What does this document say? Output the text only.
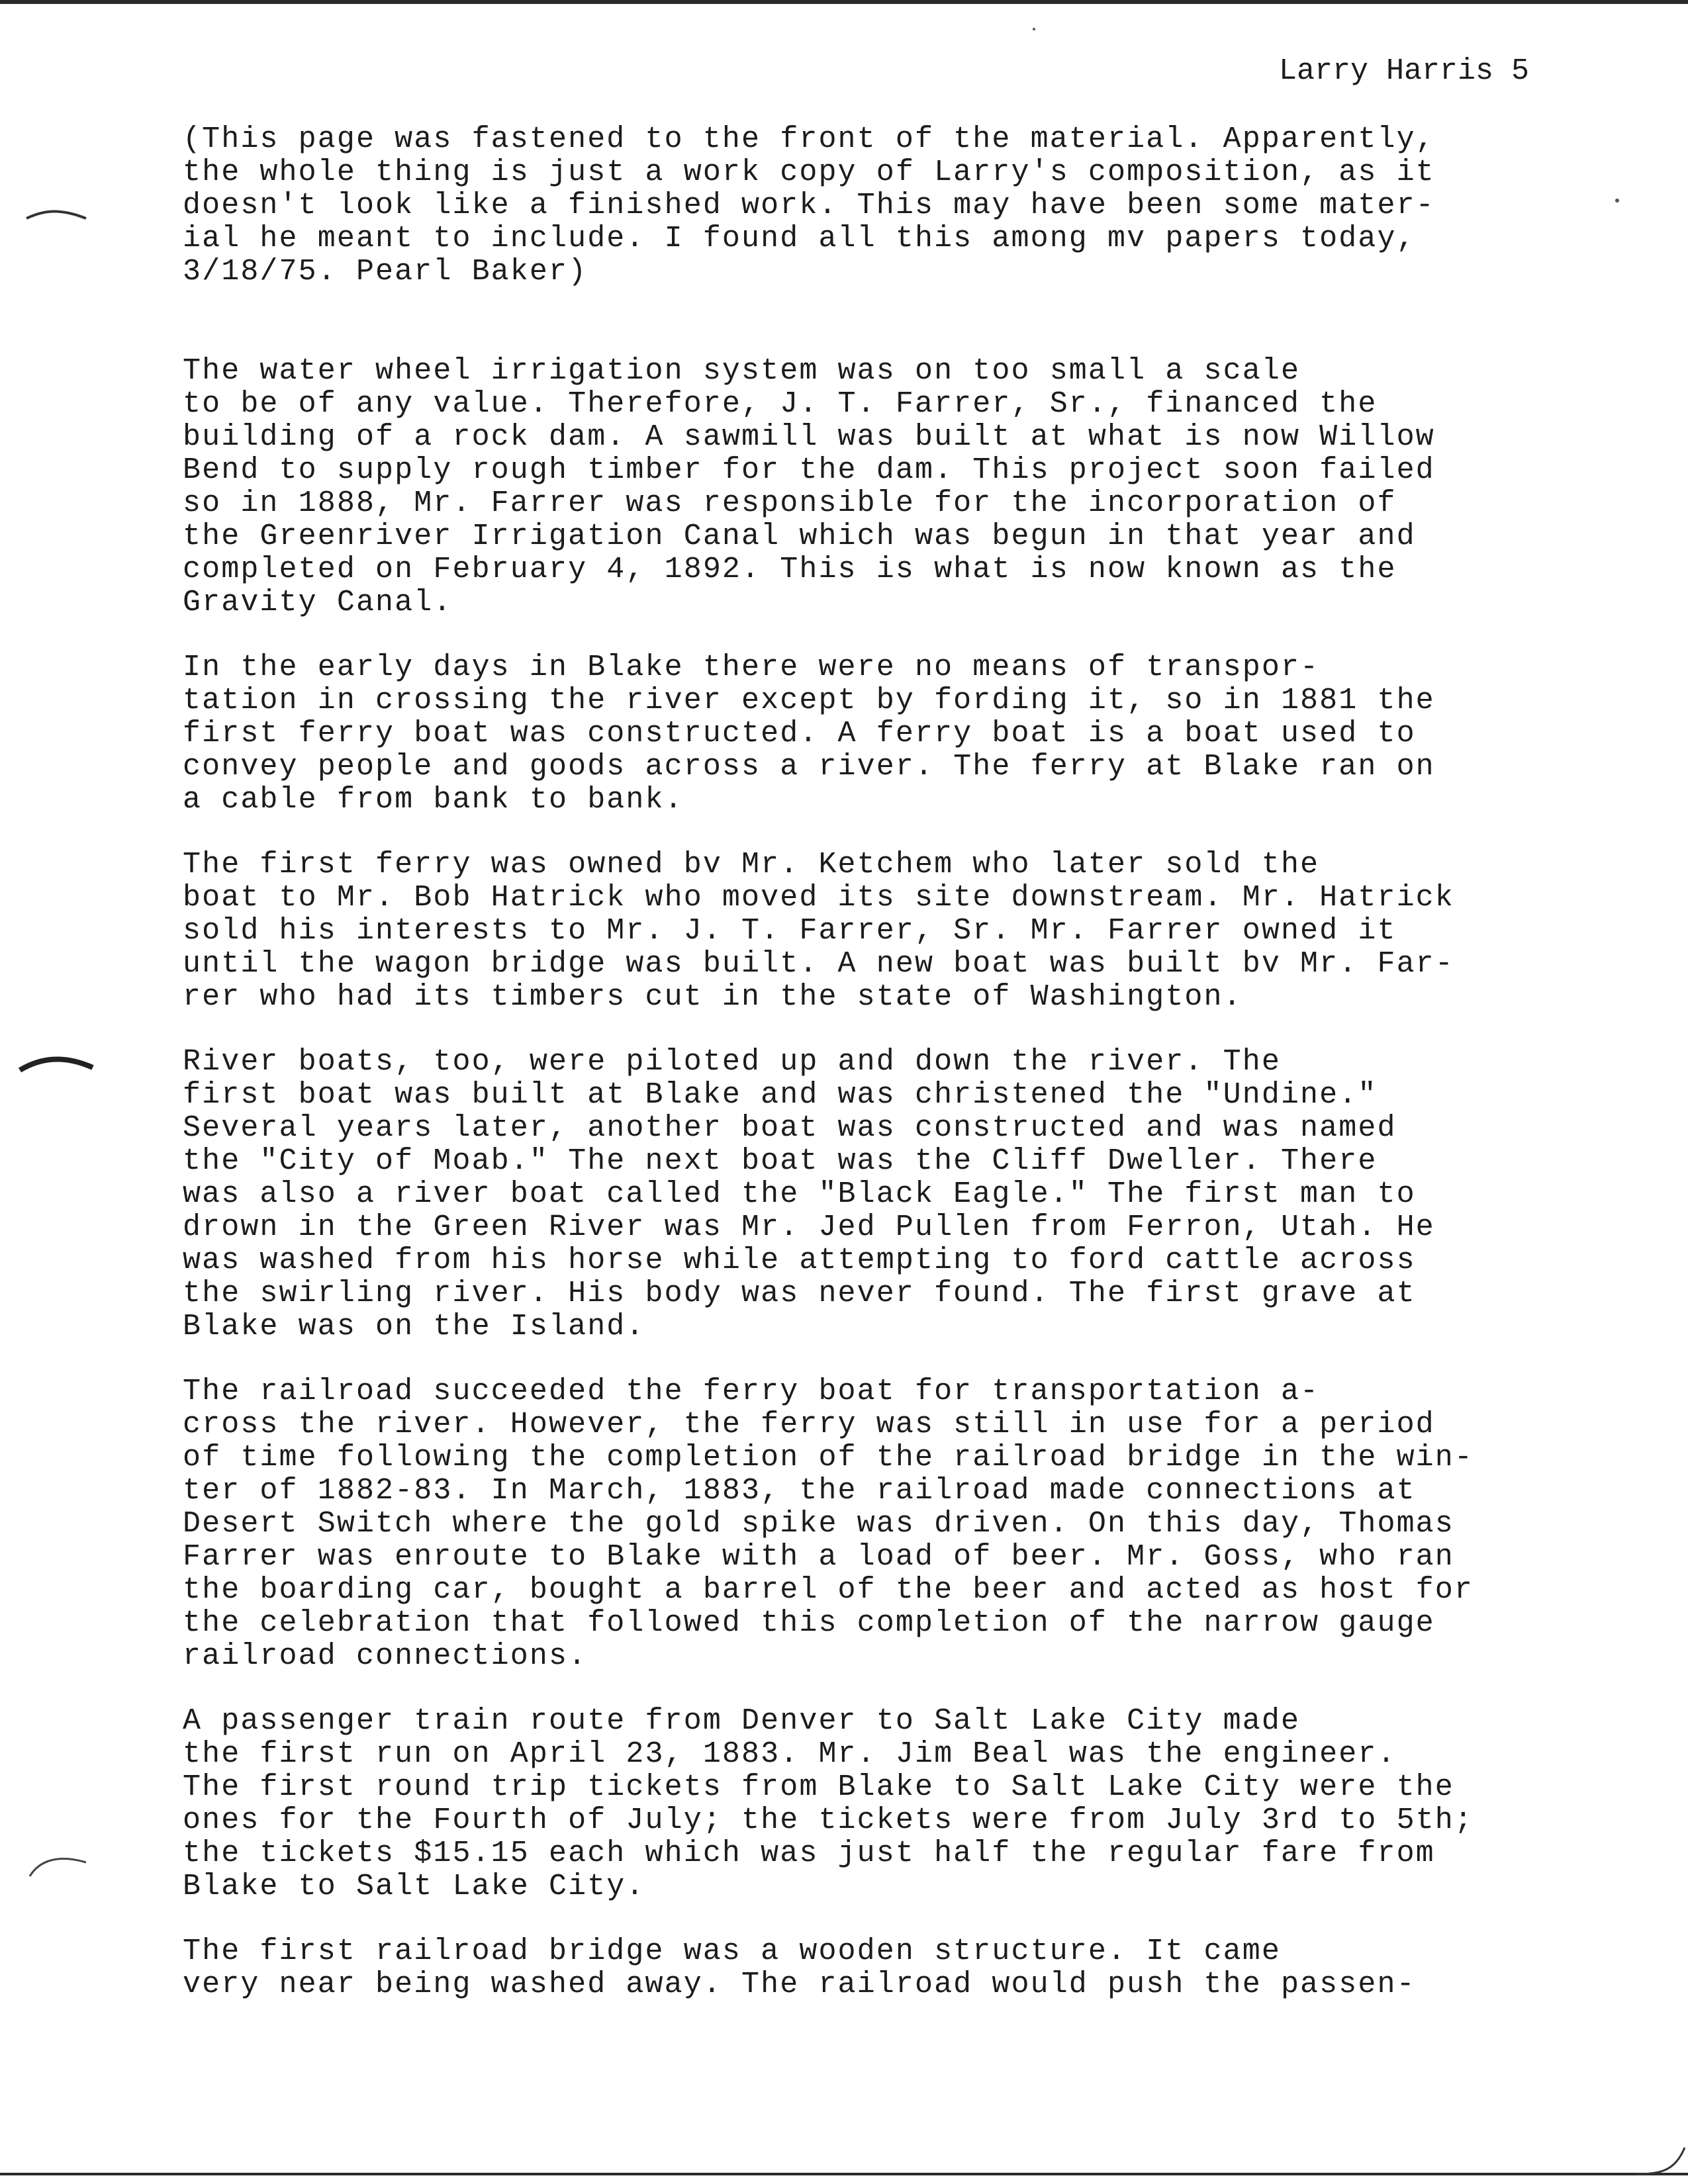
Larry Harris 5

(This page was fastened to the front of the material. Apparently,
the whole thing is just a work copy of Larry's composition, as it
doesn't look like a finished work. This may have been some mater-
ial he meant to include. I found all this among mv papers today,
3/18/75. Pearl Baker)

The water wheel irrigation system was on too small a scale
to be of any value. Therefore, J. T. Farrer, Sr., financed the
building of a rock dam. A sawmill was built at what is now Willow
Bend to supply rough timber for the dam. This project soon failed
so in 1888, Mr. Farrer was responsible for the incorporation of
the Greenriver Irrigation Canal which was begun in that year and
completed on February 4, 1892. This is what is now known as the
Gravity Canal.

In the early days in Blake there were no means of transpor-
tation in crossing the river except by fording it, so in 1881 the
first ferry boat was constructed. A ferry boat is a boat used to
convey people and goods across a river. The ferry at Blake ran on
a cable from bank to bank.

The first ferry was owned bv Mr. Ketchem who later sold the
boat to Mr. Bob Hatrick who moved its site downstream. Mr. Hatrick
sold his interests to Mr. J. T. Farrer, Sr. Mr. Farrer owned it
until the wagon bridge was built. A new boat was built bv Mr. Far-
rer who had its timbers cut in the state of Washington.

River boats, too, were piloted up and down the river. The
first boat was built at Blake and was christened the "Undine."
Several years later, another boat was constructed and was named
the "City of Moab." The next boat was the Cliff Dweller. There
was also a river boat called the "Black Eagle." The first man to
drown in the Green River was Mr. Jed Pullen from Ferron, Utah. He
was washed from his horse while attempting to ford cattle across
the swirling river. His body was never found. The first grave at
Blake was on the Island.

The railroad succeeded the ferry boat for transportation a-
cross the river. However, the ferry was still in use for a period
of time following the completion of the railroad bridge in the win-
ter of 1882-83. In March, 1883, the railroad made connections at
Desert Switch where the gold spike was driven. On this day, Thomas
Farrer was enroute to Blake with a load of beer. Mr. Goss, who ran
the boarding car, bought a barrel of the beer and acted as host for
the celebration that followed this completion of the narrow gauge
railroad connections.

A passenger train route from Denver to Salt Lake City made
the first run on April 23, 1883. Mr. Jim Beal was the engineer.
The first round trip tickets from Blake to Salt Lake City were the
ones for the Fourth of July; the tickets were from July 3rd to 5th;
the tickets $15.15 each which was just half the regular fare from
Blake to Salt Lake City.

The first railroad bridge was a wooden structure. It came
very near being washed away. The railroad would push the passen-
